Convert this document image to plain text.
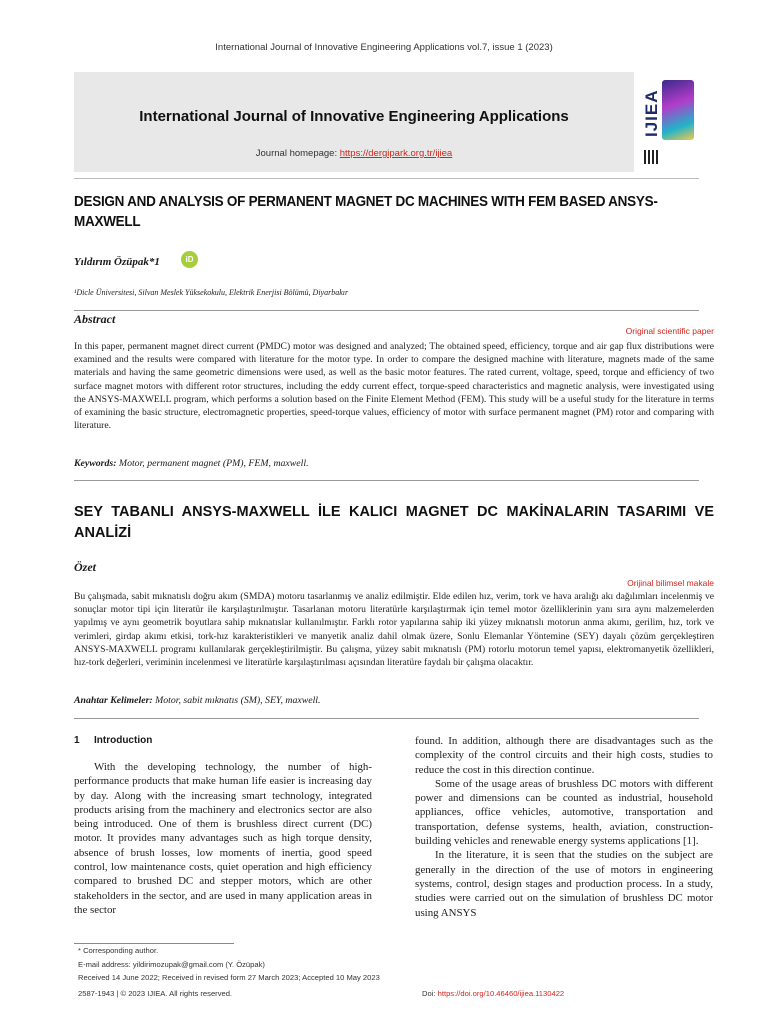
International Journal of Innovative Engineering Applications vol.7, issue 1 (2023)
International Journal of Innovative Engineering Applications
Journal homepage: https://dergipark.org.tr/ijiea
IJIEA
DESIGN AND ANALYSIS OF PERMANENT MAGNET DC MACHINES WITH FEM BASED ANSYS-MAXWELL
Yıldırım Özüpak*1	iD
¹Dicle Üniversitesi, Silvan Meslek Yüksekokulu, Elektrik Enerjisi Bölümü, Diyarbakır
Abstract
Original scientific paper
In this paper, permanent magnet direct current (PMDC) motor was designed and analyzed; The obtained speed, efficiency, torque and air gap flux distributions were examined and the results were compared with literature for the motor type. In order to compare the designed machine with literature, magnets made of the same materials and having the same geometric dimensions were used, as well as the basic motor features. The rated current, voltage, speed, torque and efficiency of two surface magnet motors with different rotor structures, including the eddy current effect, torque-speed characteristics and magnetic analysis, were investigated using the ANSYS-MAXWELL program, which performs a solution based on the Finite Element Method (FEM). This study will be a useful study for the literature in terms of examining the basic structure, electromagnetic properties, speed-torque values, efficiency of motor with surface permanent magnet (PM) rotor and comparing with literature.
Keywords: Motor, permanent magnet (PM), FEM, maxwell.
SEY TABANLI ANSYS-MAXWELL İLE KALICI MAGNET DC MAKİNALARIN TASARIMI VE ANALİZİ
Özet
Orijinal bilimsel makale
Bu çalışmada, sabit mıknatıslı doğru akım (SMDA) motoru tasarlanmış ve analiz edilmiştir. Elde edilen hız, verim, tork ve hava aralığı akı dağılımları incelenmiş ve sonuçlar motor tipi için literatür ile karşılaştırılmıştır. Tasarlanan motoru literatürle karşılaştırmak için temel motor özelliklerinin yanı sıra aynı malzemelerden yapılmış ve aynı geometrik boyutlara sahip mıknatıslar kullanılmıştır. Farklı rotor yapılarına sahip iki yüzey mıknatıslı motorun anma akımı, gerilim, hız, tork ve verimleri, girdap akımı etkisi, tork-hız karakteristikleri ve manyetik analiz dahil olmak üzere, Sonlu Elemanlar Yöntemine (SEY) dayalı çözüm gerçekleştiren ANSYS-MAXWELL programı kullanılarak gerçekleştirilmiştir. Bu çalışma, yüzey sabit mıknatıslı (PM) rotorlu motorun temel yapısı, elektromanyetik özellikleri, hız-tork değerleri, veriminin incelenmesi ve literatürle karşılaştırılması açısından literatüre faydalı bir çalışma olacaktır.
Anahtar Kelimeler: Motor, sabit mıknatıs (SM), SEY, maxwell.
1 Introduction

With the developing technology, the number of high-performance products that make human life easier is increasing day by day. Along with the increasing smart technology, integrated products arising from the machinery and electronics sector are also being introduced. One of them is brushless direct current (DC) motor. It provides many advantages such as high torque density, absence of brush losses, low moments of inertia, good speed control, low maintenance costs, quiet operation and high efficiency compared to brushed DC and stepper motors, which are other stakeholders in the sector, and are used in many application areas in the sector

found. In addition, although there are disadvantages such as the complexity of the control circuits and their high costs, studies to reduce the cost in this direction continue.

Some of the usage areas of brushless DC motors with different power and dimensions can be counted as industrial, household appliances, office vehicles, automotive, transportation and transportation, defense systems, health, aviation, construction-building vehicles and renewable energy systems applications [1].

In the literature, it is seen that the studies on the subject are generally in the direction of the use of motors in engineering systems, control, design stages and production process. In a study, studies were carried out on the simulation of brushless DC motor using ANSYS

* Corresponding author.
E-mail address: yildirimozupak@gmail.com (Y. Özüpak)
Received 14 June 2022; Received in revised form 27 March 2023; Accepted 10 May 2023
2587-1943 | © 2023 IJIEA. All rights reserved.	Doi: https://doi.org/10.46460/ijiea.1130422
